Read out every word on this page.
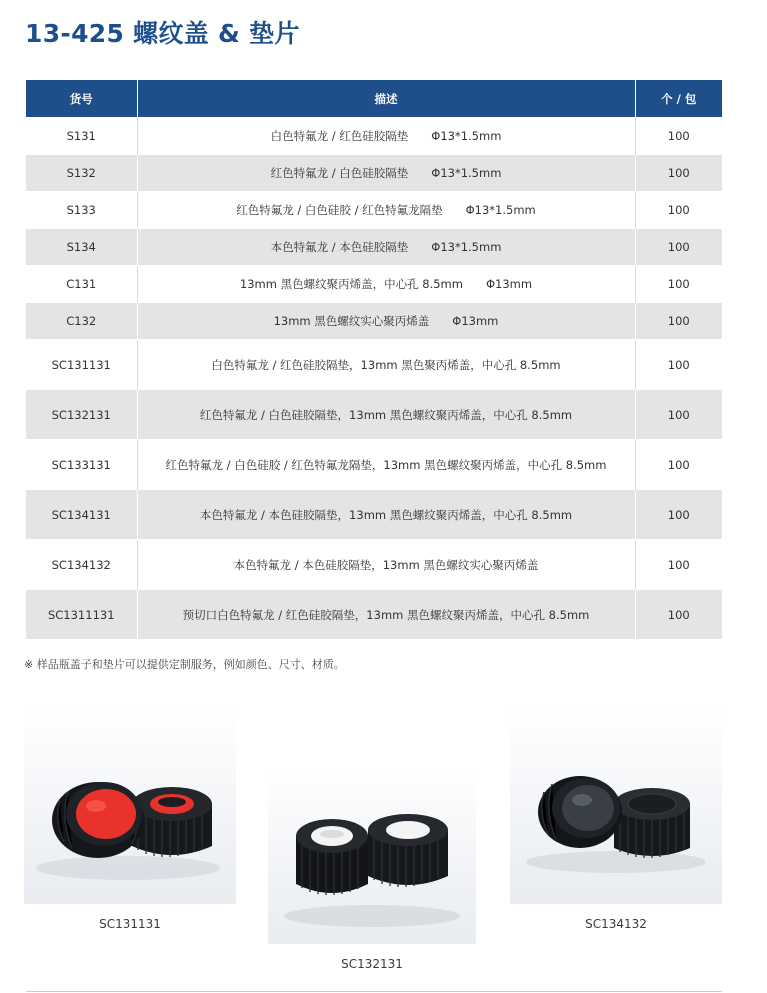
13-425 螺纹盖 & 垫片
货号	描述	个 / 包
S131	白色特氟龙 / 红色硅胶隔垫　　Φ13*1.5mm	100
S132	红色特氟龙 / 白色硅胶隔垫　　Φ13*1.5mm	100
S133	红色特氟龙 / 白色硅胶 / 红色特氟龙隔垫　　Φ13*1.5mm	100
S134	本色特氟龙 / 本色硅胶隔垫　　Φ13*1.5mm	100
C131	13mm 黑色螺纹聚丙烯盖，中心孔 8.5mm　　Φ13mm	100
C132	13mm 黑色螺纹实心聚丙烯盖　　Φ13mm	100
SC131131	白色特氟龙 / 红色硅胶隔垫，13mm 黑色聚丙烯盖，中心孔 8.5mm	100
SC132131	红色特氟龙 / 白色硅胶隔垫，13mm 黑色螺纹聚丙烯盖，中心孔 8.5mm	100
SC133131	红色特氟龙 / 白色硅胶 / 红色特氟龙隔垫，13mm 黑色螺纹聚丙烯盖，中心孔 8.5mm	100
SC134131	本色特氟龙 / 本色硅胶隔垫，13mm 黑色螺纹聚丙烯盖，中心孔 8.5mm	100
SC134132	本色特氟龙 / 本色硅胶隔垫，13mm 黑色螺纹实心聚丙烯盖	100
SC1311131	预切口白色特氟龙 / 红色硅胶隔垫，13mm 黑色螺纹聚丙烯盖，中心孔 8.5mm	100
※ 样品瓶盖子和垫片可以提供定制服务，例如颜色、尺寸、材质。
SC131131
SC132131
SC134132
